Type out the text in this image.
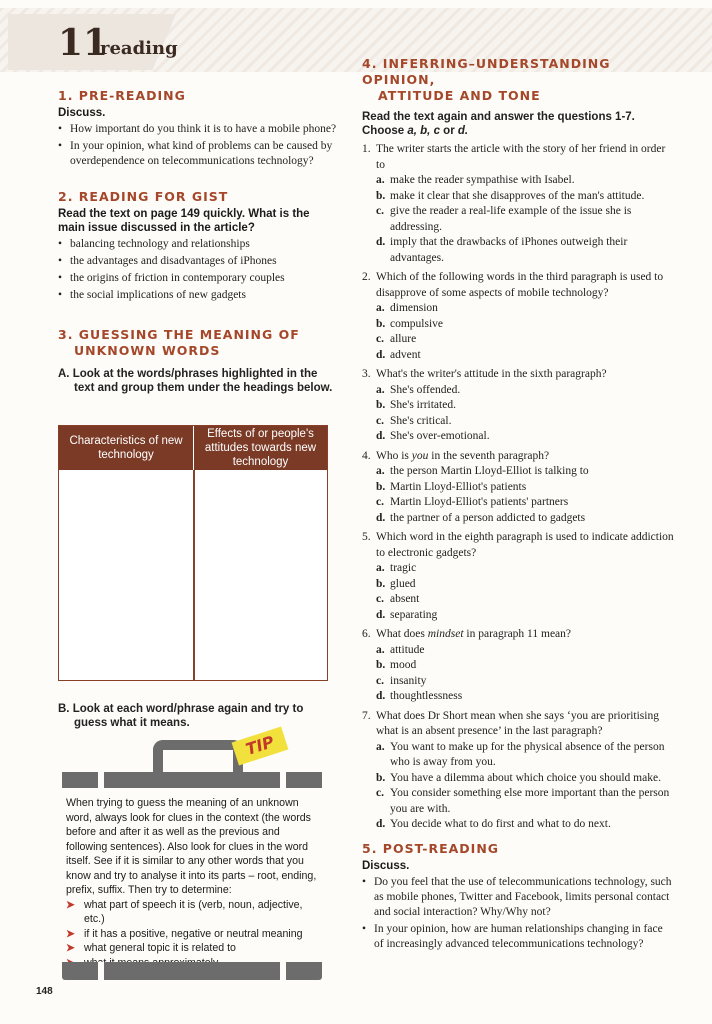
11
reading
1. PRE-READING

Discuss.

• How important do you think it is to have a mobile phone?
• In your opinion, what kind of problems can be caused by overdependence on telecommunications technology?
2. READING FOR GIST

Read the text on page 149 quickly. What is the main issue discussed in the article?

• balancing technology and relationships
• the advantages and disadvantages of iPhones
• the origins of friction in contemporary couples
• the social implications of new gadgets
3. GUESSING THE MEANING OF
UNKNOWN WORDS

A. Look at the words/phrases highlighted in the text and group them under the headings below.

Characteristics of new technology
Effects of or people's attitudes towards new technology

B. Look at each word/phrase again and try to guess what it means.

TIP
When trying to guess the meaning of an unknown word, always look for clues in the context (the words before and after it as well as the previous and following sentences). Also look for clues in the word itself. See if it is similar to any other words that you know and try to analyse it into its parts – root, ending, prefix, suffix. Then try to determine:
➤ what part of speech it is (verb, noun, adjective, etc.)
➤ if it has a positive, negative or neutral meaning
➤ what general topic it is related to
148
4. INFERRING–UNDERSTANDING OPINION,
ATTITUDE AND TONE

Read the text again and answer the questions 1-7. Choose a, b, c or d.

1. The writer starts the article with the story of her friend in order to
a. make the reader sympathise with Isabel.
b. make it clear that she disapproves of the man's attitude.
c. give the reader a real-life example of the issue she is addressing.
d. imply that the drawbacks of iPhones outweigh their advantages.
2. Which of the following words in the third paragraph is used to disapprove of some aspects of mobile technology?
a. dimension
b. compulsive
c. allure
d. advent
3. What's the writer's attitude in the sixth paragraph?
a. She's offended.
b. She's irritated.
c. She's critical.
d. She's over-emotional.
4. Who is you in the seventh paragraph?
a. the person Martin Lloyd-Elliot is talking to
b. Martin Lloyd-Elliot's patients
c. Martin Lloyd-Elliot's patients' partners
d. the partner of a person addicted to gadgets
5. Which word in the eighth paragraph is used to indicate addiction to electronic gadgets?
a. tragic
b. glued
c. absent
d. separating
6. What does mindset in paragraph 11 mean?
a. attitude
b. mood
c. insanity
d. thoughtlessness
7. What does Dr Short mean when she says ‘you are prioritising what is an absent presence’ in the last paragraph?
a. You want to make up for the physical absence of the person who is away from you.
b. You have a dilemma about which choice you should make.
c. You consider something else more important than the person you are with.
d. You decide what to do first and what to do next.
5. POST-READING

Discuss.

• Do you feel that the use of telecommunications technology, such as mobile phones, Twitter and Facebook, limits personal contact and social interaction? Why/Why not?
• In your opinion, how are human relationships changing in face of increasingly advanced telecommunications technology?
